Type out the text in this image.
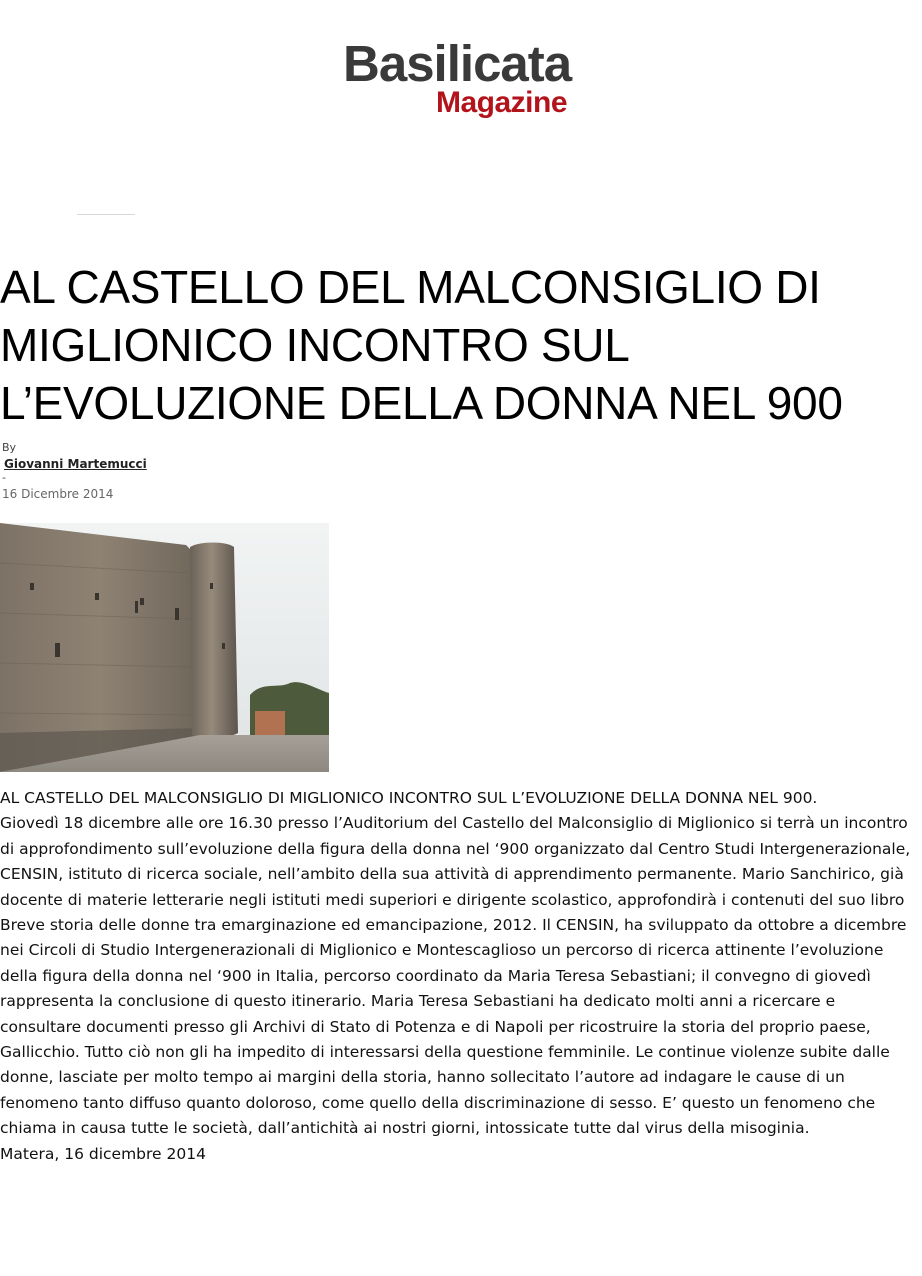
Basilicata

Magazine

AL CASTELLO DEL MALCONSIGLIO DI MIGLIONICO INCONTRO SUL L’EVOLUZIONE DELLA DONNA NEL 900

By

Giovanni Martemucci

-

16 Dicembre 2014

AL CASTELLO DEL MALCONSIGLIO DI MIGLIONICO INCONTRO SUL L’EVOLUZIONE DELLA DONNA NEL 900.

Giovedì 18 dicembre alle ore 16.30 presso l’Auditorium del Castello del Malconsiglio di Miglionico si terrà un incontro di approfondimento sull’evoluzione della figura della donna nel ‘900 organizzato dal Centro Studi Intergenerazionale, CENSIN, istituto di ricerca sociale, nell’ambito della sua attività di apprendimento permanente. Mario Sanchirico, già docente di materie letterarie negli istituti medi superiori e dirigente scolastico, approfondirà i contenuti del suo libro Breve storia delle donne tra emarginazione ed emancipazione, 2012. Il CENSIN, ha sviluppato da ottobre a dicembre nei Circoli di Studio Intergenerazionali di Miglionico e Montescaglioso un percorso di ricerca attinente l’evoluzione della figura della donna nel ‘900 in Italia, percorso coordinato da Maria Teresa Sebastiani; il convegno di giovedì rappresenta la conclusione di questo itinerario. Maria Teresa Sebastiani ha dedicato molti anni a ricercare e consultare documenti presso gli Archivi di Stato di Potenza e di Napoli per ricostruire la storia del proprio paese, Gallicchio. Tutto ciò non gli ha impedito di interessarsi della questione femminile. Le continue violenze subite dalle donne, lasciate per molto tempo ai margini della storia, hanno sollecitato l’autore ad indagare le cause di un fenomeno tanto diffuso quanto doloroso, come quello della discriminazione di sesso. E’ questo un fenomeno che chiama in causa tutte le società, dall’antichità ai nostri giorni, intossicate tutte dal virus della misoginia.

Matera, 16 dicembre 2014
